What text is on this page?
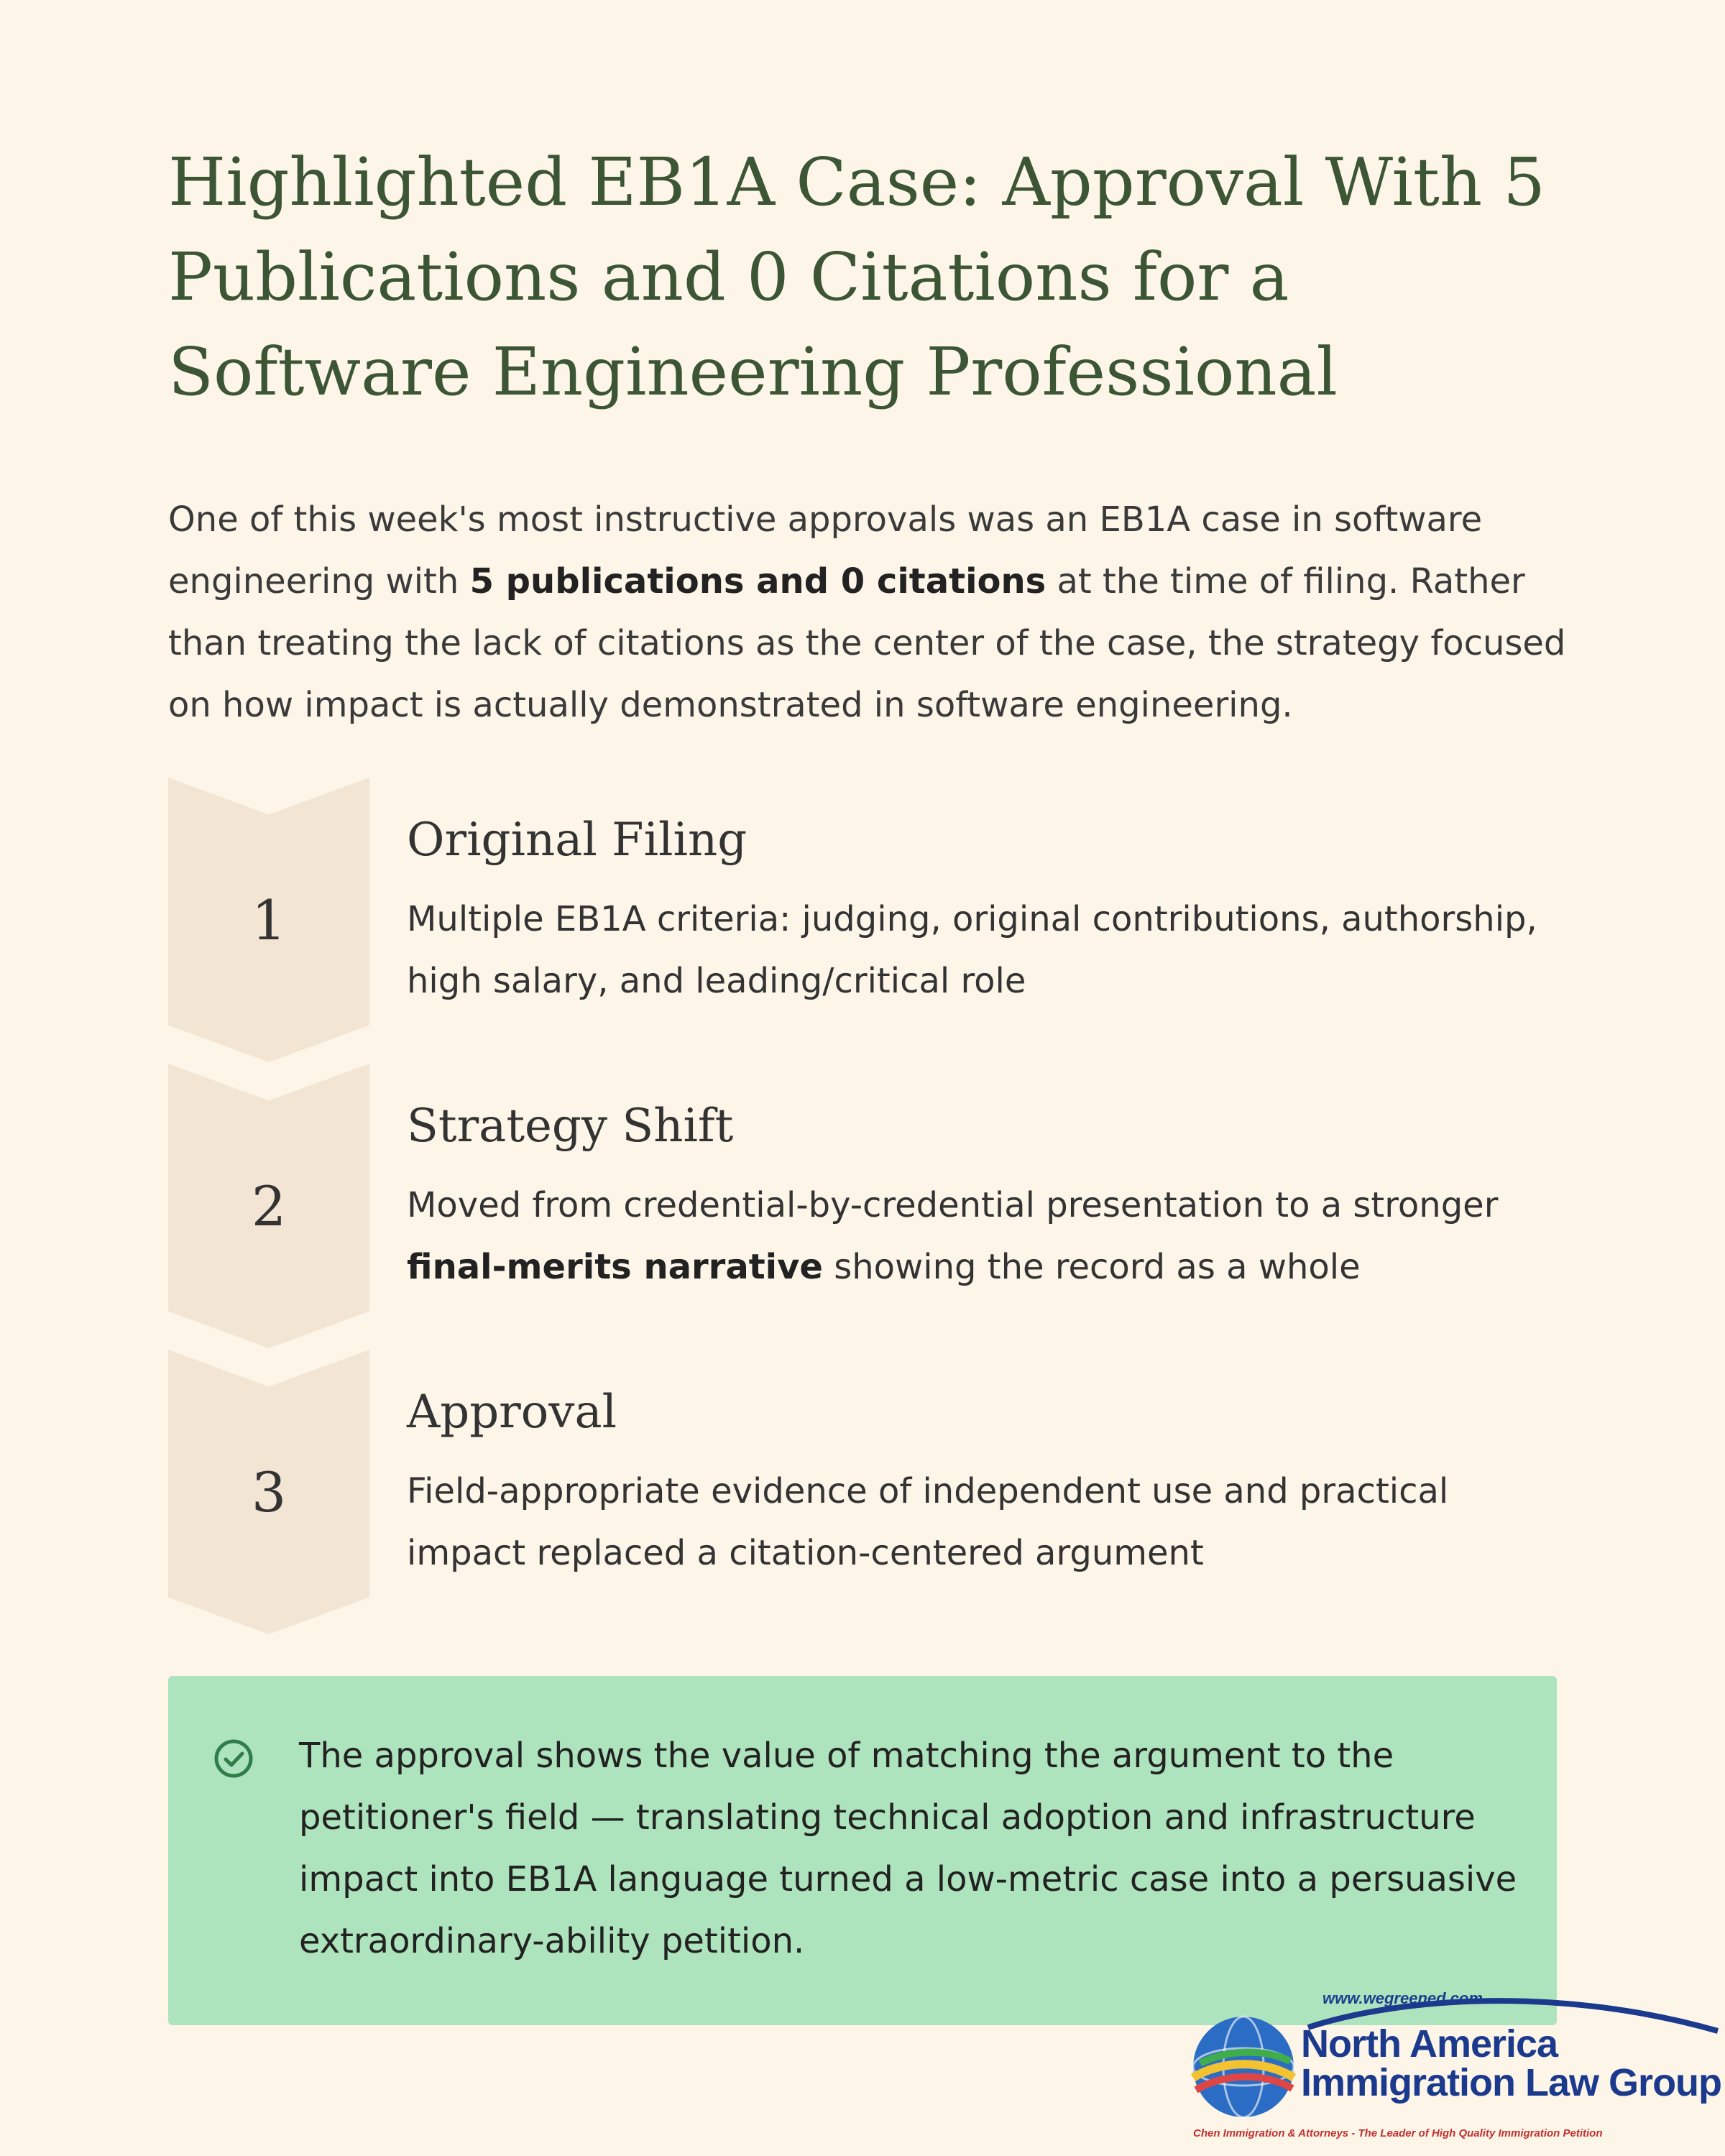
Highlighted EB1A Case: Approval With 5 Publications and 0 Citations for a Software Engineering Professional

One of this week's most instructive approvals was an EB1A case in software engineering with 5 publications and 0 citations at the time of filing. Rather than treating the lack of citations as the center of the case, the strategy focused on how impact is actually demonstrated in software engineering.

1
Original Filing
Multiple EB1A criteria: judging, original contributions, authorship, high salary, and leading/critical role
2
Strategy Shift
Moved from credential-by-credential presentation to a stronger final-merits narrative showing the record as a whole
3
Approval
Field-appropriate evidence of independent use and practical impact replaced a citation-centered argument
The approval shows the value of matching the argument to the petitioner's field — translating technical adoption and infrastructure impact into EB1A language turned a low-metric case into a persuasive extraordinary-ability petition.
www.wegreened.com
North America
Immigration Law Group
Chen Immigration & Attorneys - The Leader of High Quality Immigration Petition
